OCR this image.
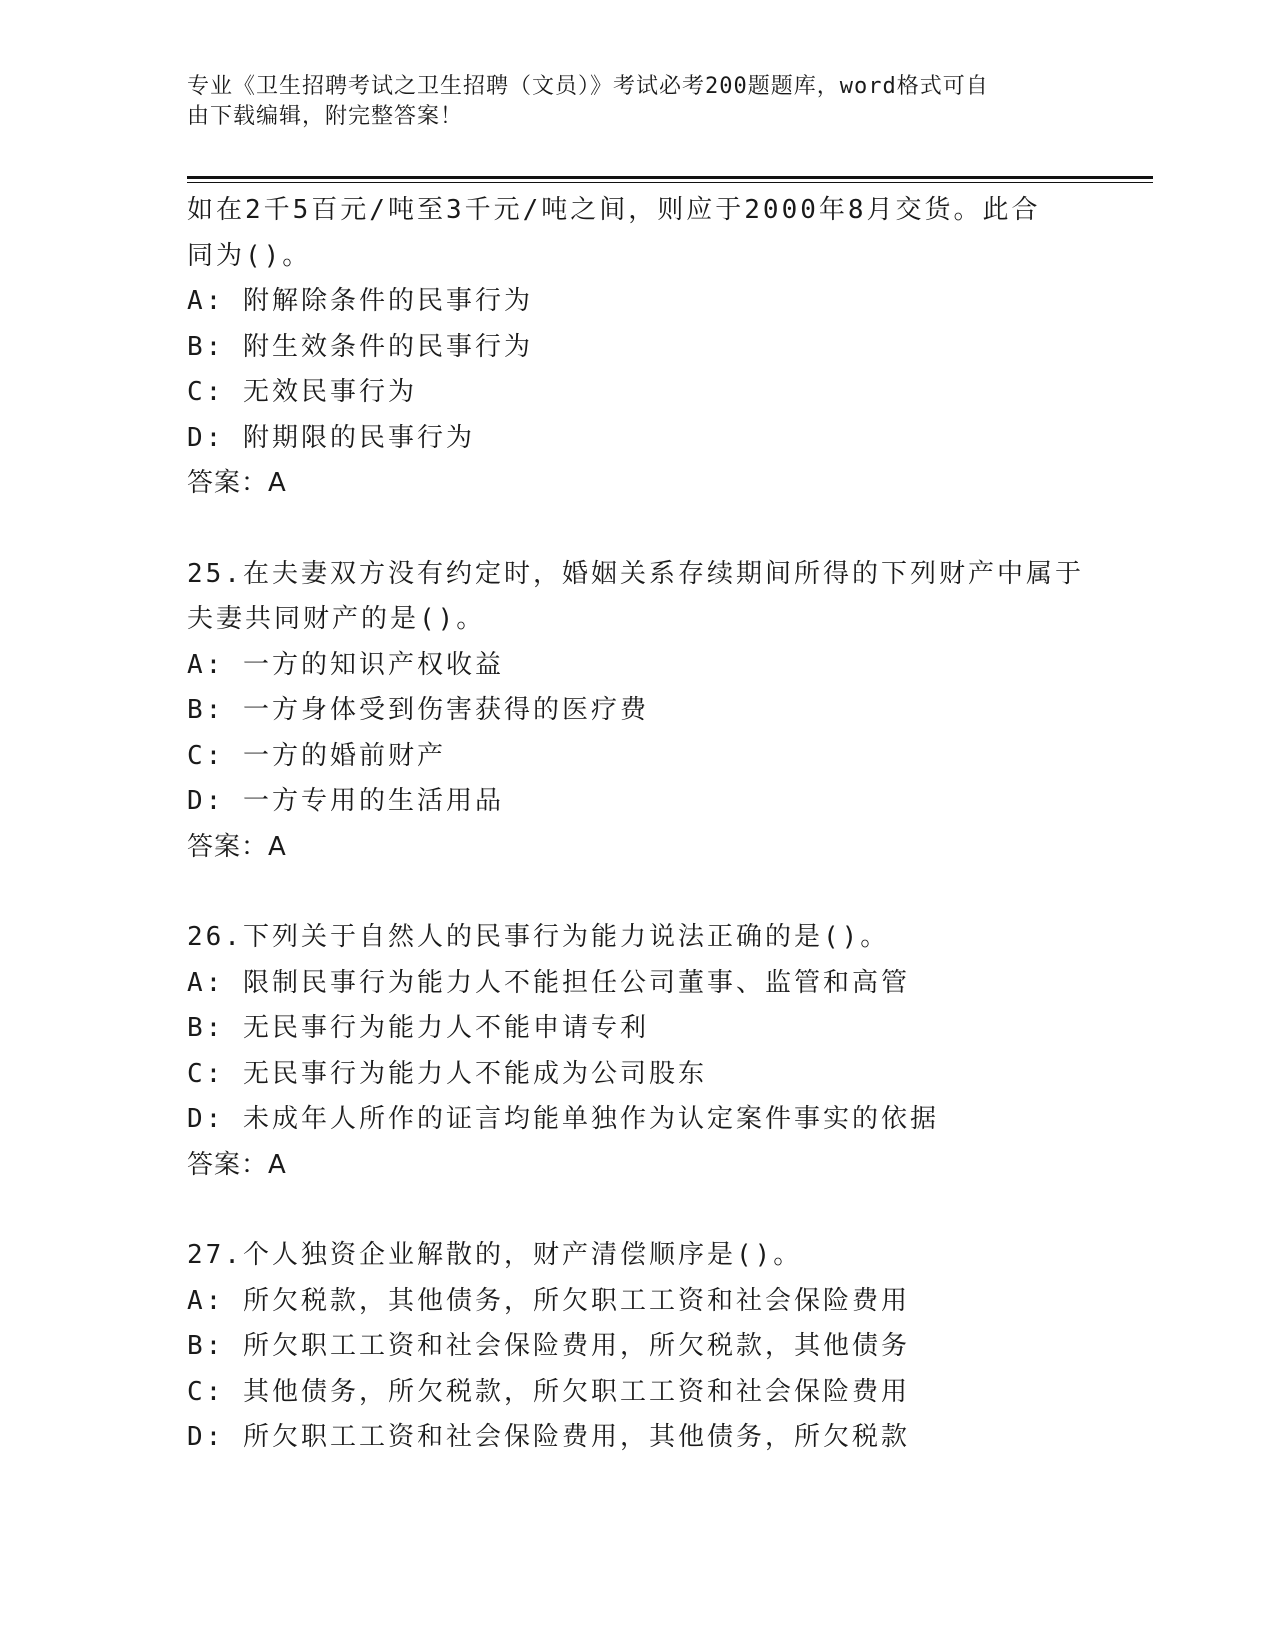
专业《卫生招聘考试之卫生招聘（文员）》考试必考200题题库，word格式可自
由下载编辑，附完整答案！
如在2千5百元/吨至3千元/吨之间，则应于2000年8月交货。此合
同为()。
A: 附解除条件的民事行为
B: 附生效条件的民事行为
C: 无效民事行为
D: 附期限的民事行为
答案：A
25.在夫妻双方没有约定时，婚姻关系存续期间所得的下列财产中属于
夫妻共同财产的是()。
A: 一方的知识产权收益
B: 一方身体受到伤害获得的医疗费
C: 一方的婚前财产
D: 一方专用的生活用品
答案：A
26.下列关于自然人的民事行为能力说法正确的是()。
A: 限制民事行为能力人不能担任公司董事、监管和高管
B: 无民事行为能力人不能申请专利
C: 无民事行为能力人不能成为公司股东
D: 未成年人所作的证言均能单独作为认定案件事实的依据
答案：A
27.个人独资企业解散的，财产清偿顺序是()。
A: 所欠税款，其他债务，所欠职工工资和社会保险费用
B: 所欠职工工资和社会保险费用，所欠税款，其他债务
C: 其他债务，所欠税款，所欠职工工资和社会保险费用
D: 所欠职工工资和社会保险费用，其他债务，所欠税款
